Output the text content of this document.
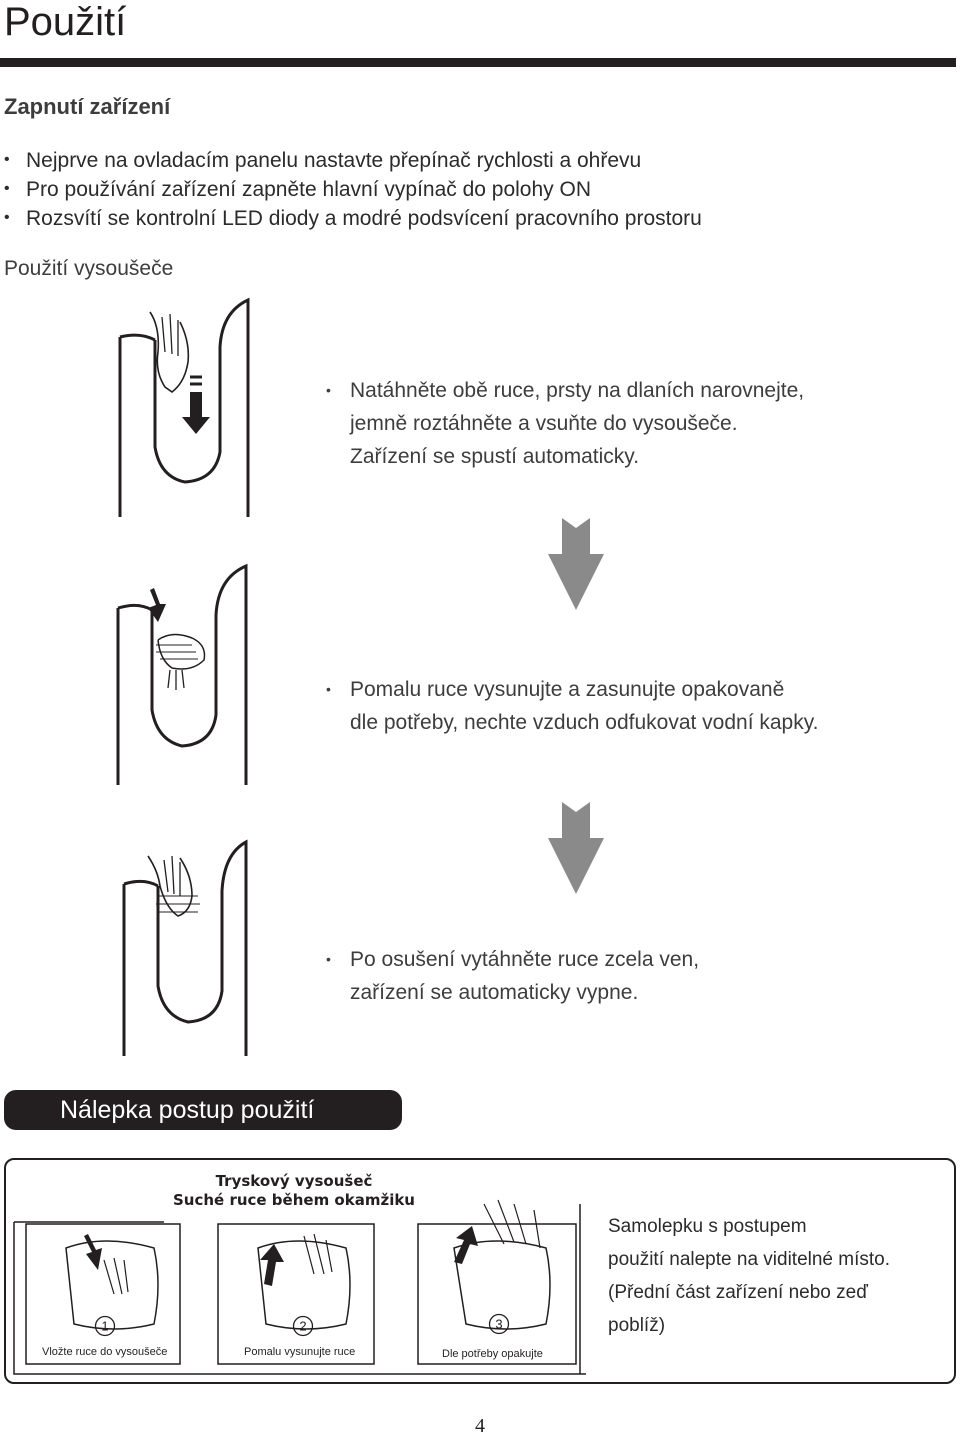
Použití
Zapnutí zařízení
• Nejprve na ovladacím panelu nastavte přepínač rychlosti a ohřevu
• Pro používání zařízení zapněte hlavní vypínač do polohy ON
• Rozsvítí se kontrolní LED diody a modré podsvícení pracovního prostoru
Použití vysoušeče
• Natáhněte obě ruce, prsty na dlaních narovnejte,
jemně roztáhněte a vsuňte do vysoušeče.
Zařízení se spustí automaticky.
• Pomalu ruce vysunujte a zasunujte opakovaně
dle potřeby, nechte vzduch odfukovat vodní kapky.
• Po osušení vytáhněte ruce zcela ven,
zařízení se automaticky vypne.
Nálepka postup použití
Tryskový vysoušeč
Suché ruce během okamžiku
1	2	3
Vložte ruce do vysoušeče	Pomalu vysunujte ruce	Dle potřeby opakujte
Samolepku s postupem
použití nalepte na viditelné místo.
(Přední část zařízení nebo zeď
poblíž)
4
